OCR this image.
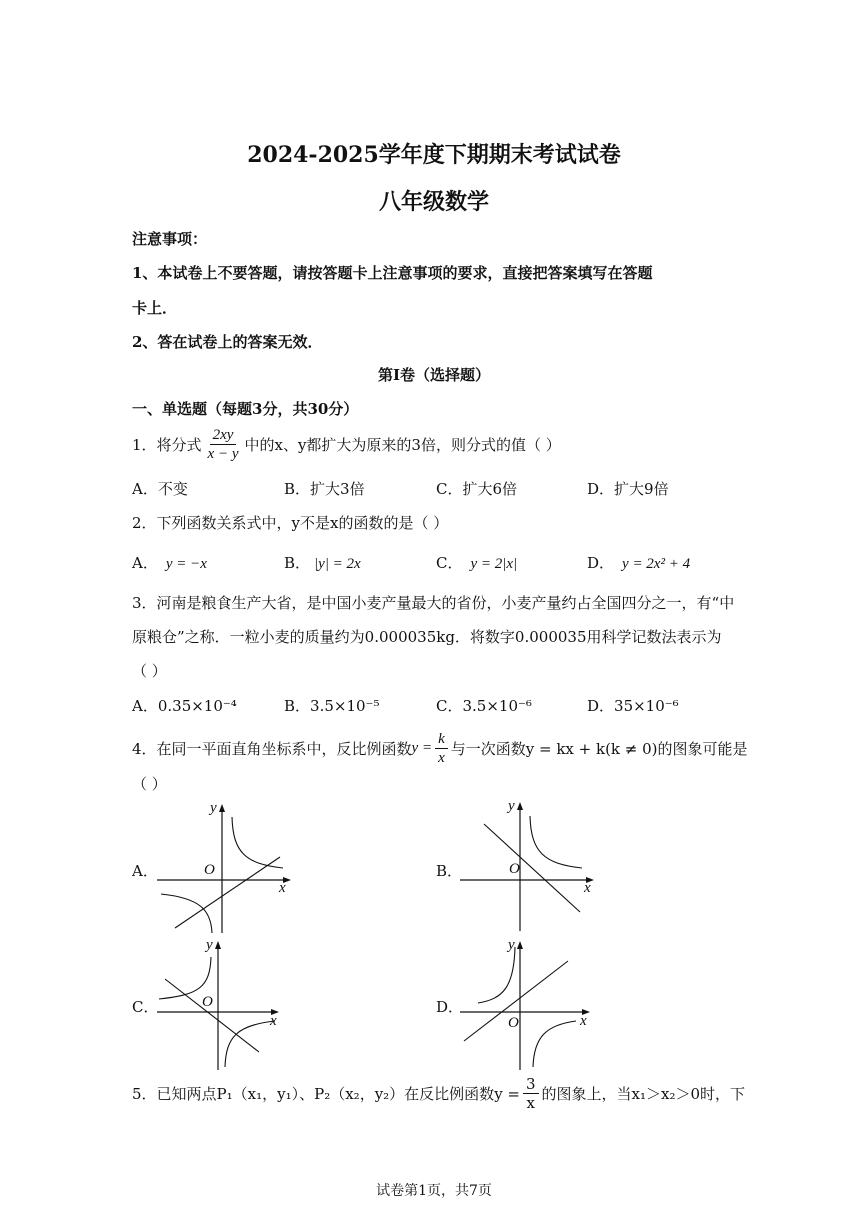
2024-2025学年度下期期末考试试卷
八年级数学
注意事项：
1、本试卷上不要答题，请按答题卡上注意事项的要求，直接把答案填写在答题
卡上．
2、答在试卷上的答案无效．
第Ⅰ卷（选择题）
一、单选题（每题3分，共30分）
1．将分式 $\frac{2xy}{x - y}$ 中的x、y都扩大为原来的3倍，则分式的值（ ）
A．不变	B．扩大3倍	C．扩大6倍	D．扩大9倍
2．下列函数关系式中，y不是x的函数的是（ ）
A． y = −x	B． |y| = 2x	C． y = 2|x|	D． y = 2x² + 4
3．河南是粮食生产大省，是中国小麦产量最大的省份，小麦产量约占全国四分之一，有“中
原粮仓”之称．一粒小麦的质量约为0.000035kg．将数字0.000035用科学记数法表示为
（ ）
A．0.35×10⁻⁴	B．3.5×10⁻⁵	C．3.5×10⁻⁶	D．35×10⁻⁶
4．在同一平面直角坐标系中，反比例函数 $y = \frac{k}{x}$ 与一次函数y = kx + k(k ≠ 0)的图象可能是
（ ）
A．	B．
C．	D．
y
x
O
y
x
O
y
x
O
y
x
O
5．已知两点P₁（x₁，y₁）、P₂（x₂，y₂）在反比例函数 $y = \frac{3}{x}$ 的图象上，当x₁＞x₂＞0时，下
试卷第1页，共7页
